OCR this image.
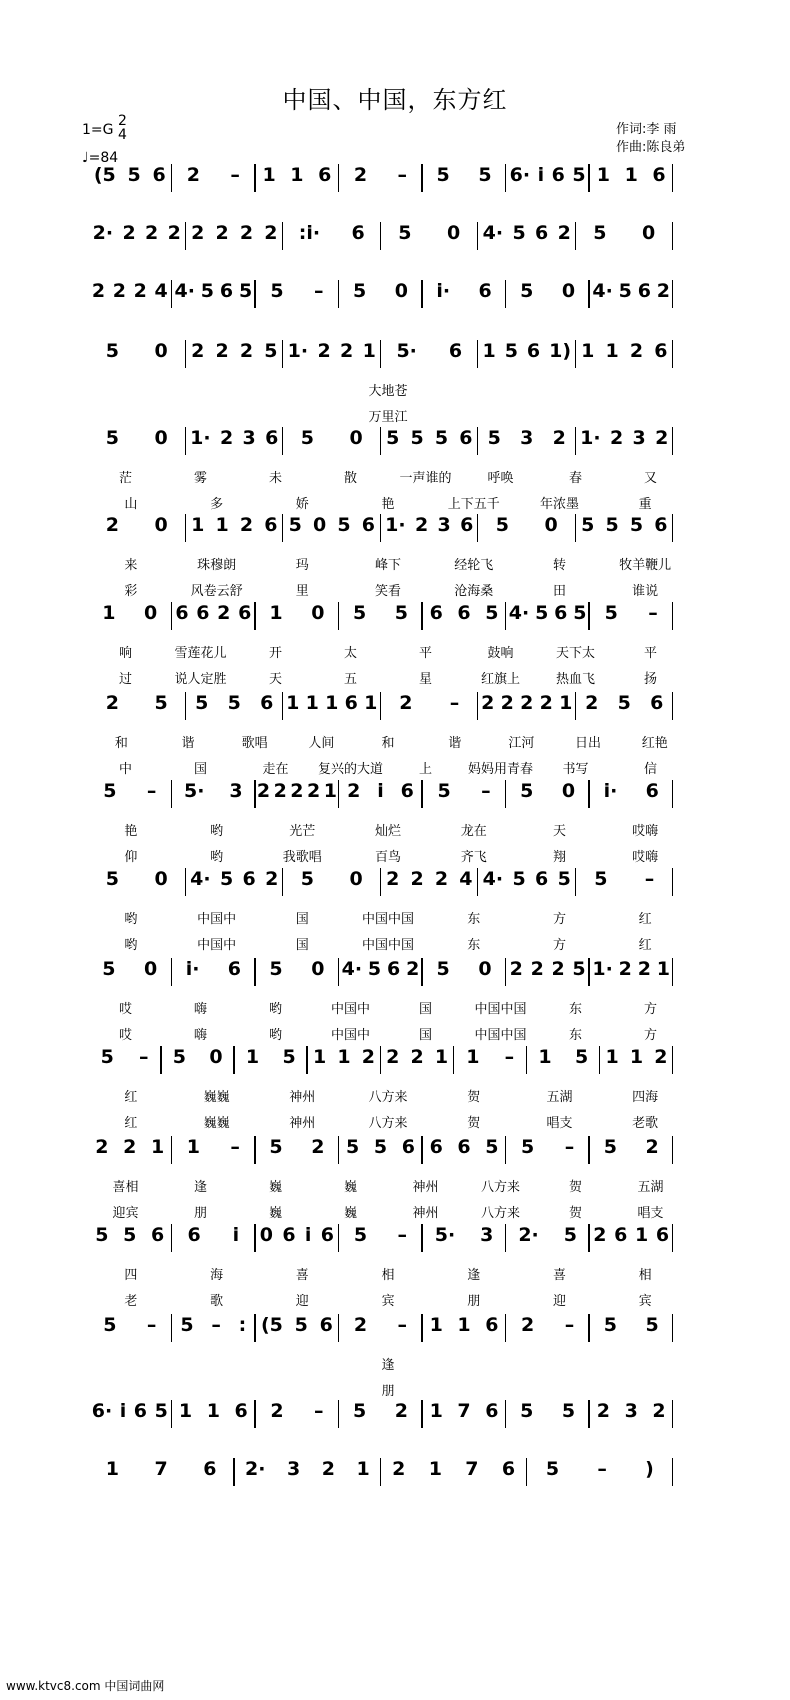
中国、中国，东方红
1=G
2
4
♩=84
作词:李 雨
作曲:陈良弟
(5 5 6 2 – 1 1 6 2 – 5 5 6· i 6 5 1 1 6
2· 2 2 2 2 2 2 2 :i· 6 5 0 4· 5 6 2 5 0
2 2 2 4 4· 5 6 5 5 – 5 0 i· 6 5 0 4· 5 6 2
5 0 2 2 2 5 1· 2 2 1 5· 6 1 5 6 1) 1 1 2 6
大地苍
万里江
5 0 1· 2 3 6 5 0 5 5 5 6 5 3 2 1· 2 3 2
茫	雾	未	散	一声谁的	呼唤	春	又
山	多	娇	艳	上下五千	年浓墨	重
2 0 1 1 2 6 5 0 5 6 1· 2 3 6 5 0 5 5 5 6
来	珠穆朗	玛	峰下	经轮飞	转	牧羊鞭儿
彩	风卷云舒	里	笑看	沧海桑	田	谁说
1 0 6 6 2 6 1 0 5 5 6 6 5 4· 5 6 5 5 –
响	雪莲花儿	开	太	平	鼓响	天下太	平
过	说人定胜	天	五	星	红旗上	热血飞	扬
2 5 5 5 6 1 1 1 6 1 2 – 2 2 2 2 1 2 5 6
和	谐	歌唱	人间	和	谐	江河	日出	红艳
中	国	走在	复兴的大道	上	妈妈用青春	书写	信
5 – 5· 3 2 2 2 2 1 2 i 6 5 – 5 0 i· 6
艳	哟	光芒	灿烂	龙在	天	哎嗨
仰	哟	我歌唱	百鸟	齐飞	翔	哎嗨
5 0 4· 5 6 2 5 0 2 2 2 4 4· 5 6 5 5 –
哟	中国中	国	中国中国	东	方	红
哟	中国中	国	中国中国	东	方	红
5 0 i· 6 5 0 4· 5 6 2 5 0 2 2 2 5 1· 2 2 1
哎	嗨	哟	中国中	国	中国中国	东	方
哎	嗨	哟	中国中	国	中国中国	东	方
5 – 5 0 1 5 1 1 2 2 2 1 1 – 1 5 1 1 2
红	巍巍	神州	八方来	贺	五湖	四海
红	巍巍	神州	八方来	贺	唱支	老歌
2 2 1 1 – 5 2 5 5 6 6 6 5 5 – 5 2
喜相	逢	巍	巍	神州	八方来	贺	五湖
迎宾	朋	巍	巍	神州	八方来	贺	唱支
5 5 6 6 i 0 6 i 6 5 – 5· 3 2· 5 2 6 1 6
四	海	喜	相	逢	喜	相
老	歌	迎	宾	朋	迎	宾
5 – 5 – : (5 5 6 2 – 1 1 6 2 – 5 5
逢
朋
6· i 6 5 1 1 6 2 – 5 2 1 7 6 5 5 2 3 2
1 7 6 2· 3 2 1 2 1 7 6 5 – )
www.ktvc8.com 中国词曲网
